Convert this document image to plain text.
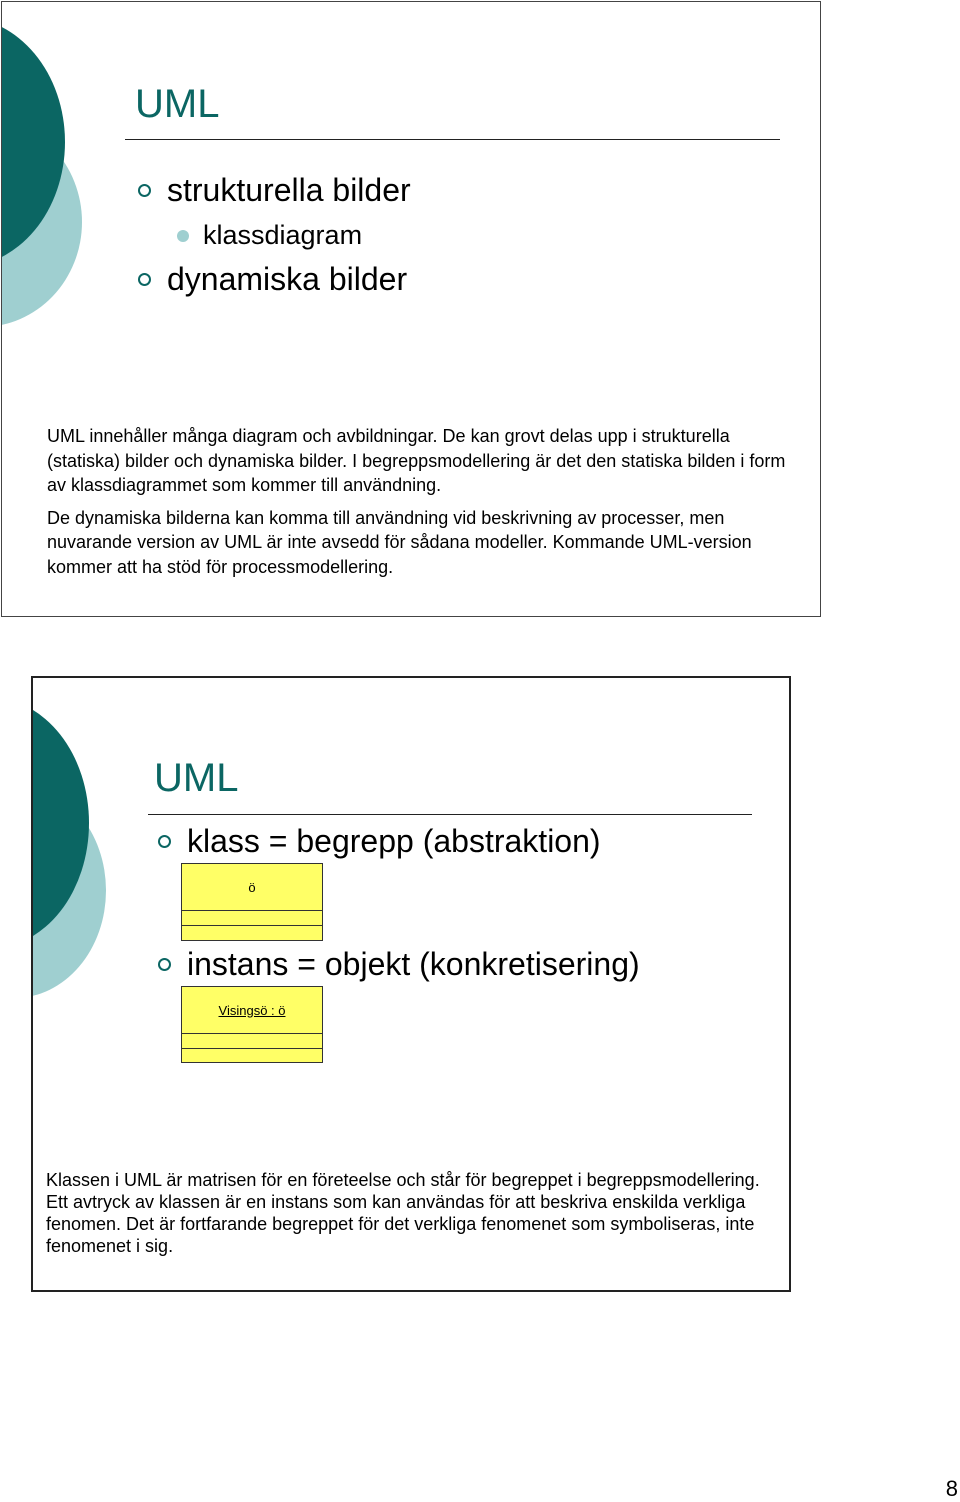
UML
strukturella bilder
klassdiagram
dynamiska bilder

UML innehåller många diagram och avbildningar. De kan grovt delas upp i strukturella (statiska) bilder och dynamiska bilder. I begreppsmodellering är det den statiska bilden i form av klassdiagrammet som kommer till användning.

De dynamiska bilderna kan komma till användning vid beskrivning av processer, men nuvarande version av UML är inte avsedd för sådana modeller. Kommande UML-version kommer att ha stöd för processmodellering.

UML
klass = begrepp (abstraktion)
ö
instans = objekt (konkretisering)
Visingsö : ö

Klassen i UML är matrisen för en företeelse och står för begreppet i begreppsmodellering. Ett avtryck av klassen är en instans som kan användas för att beskriva enskilda verkliga fenomen. Det är fortfarande begreppet för det verkliga fenomenet som symboliseras, inte fenomenet i sig.

8
